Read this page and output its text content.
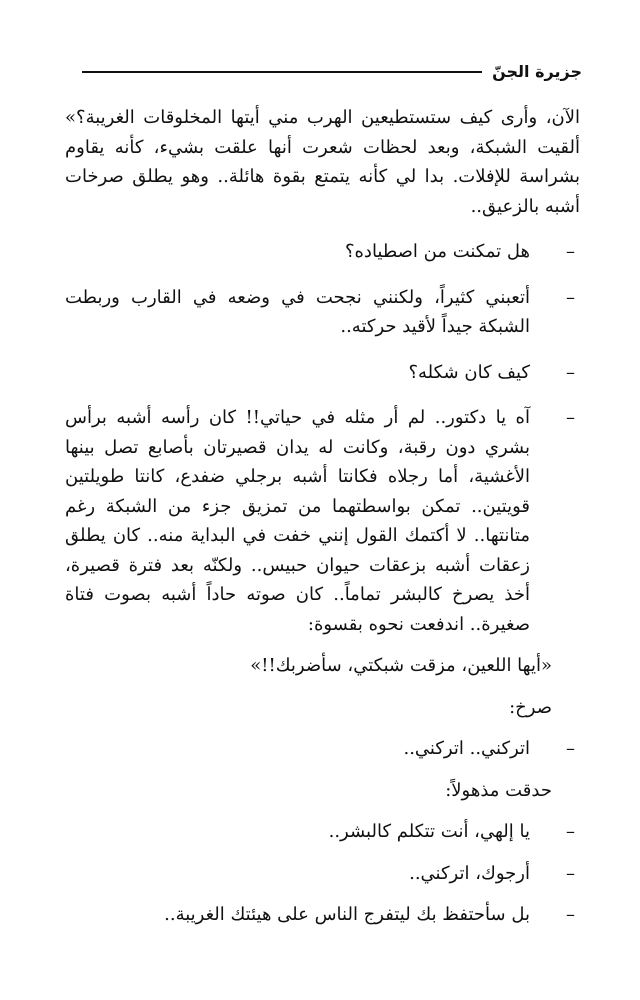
جزيرة الجنّ

الآن، وأرى كيف ستستطيعين الهرب مني أيتها المخلوقات الغريبة؟» ألقيت الشبكة، وبعد لحظات شعرت أنها علقت بشيء، كأنه يقاوم بشراسة للإفلات. بدا لي كأنه يتمتع بقوة هائلة.. وهو يطلق صرخات أشبه بالزعيق..

–
هل تمكنت من اصطياده؟
–
أتعبني كثيراً، ولكنني نجحت في وضعه في القارب وربطت الشبكة جيداً لأقيد حركته..
–
كيف كان شكله؟
–
آه يا دكتور.. لم أر مثله في حياتي!! كان رأسه أشبه برأس بشري دون رقبة، وكانت له يدان قصيرتان بأصابع تصل بينها الأغشية، أما رجلاه فكانتا أشبه برجلي ضفدع، كانتا طويلتين قويتين.. تمكن بواسطتهما من تمزيق جزء من الشبكة رغم متانتها.. لا أكتمك القول إنني خفت في البداية منه.. كان يطلق زعقات أشبه بزعقات حيوان حبيس.. ولكنّه بعد فترة قصيرة، أخذ يصرخ كالبشر تماماً.. كان صوته حاداً أشبه بصوت فتاة صغيرة.. اندفعت نحوه بقسوة:

«أيها اللعين، مزقت شبكتي، سأضربك!!»

صرخ:

–
اتركني.. اتركني..

حدقت مذهولاً:

–
يا إلهي، أنت تتكلم كالبشر..
–
أرجوك، اتركني..
–
بل سأحتفظ بك ليتفرج الناس على هيئتك الغريبة..
